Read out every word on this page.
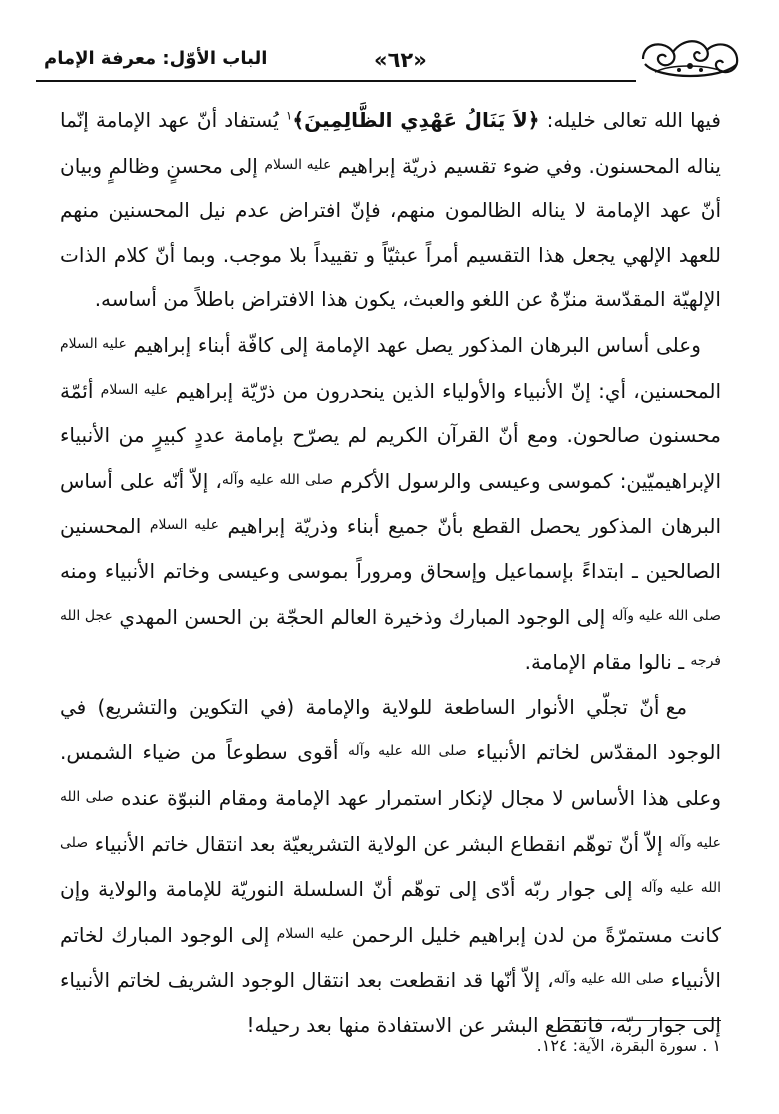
«٦٢»
الباب الأوّل: معرفة الإمام

فيها الله تعالى خليله: ﴿لاَ يَنَالُ عَهْدِي الظَّالِمِينَ﴾$^١$ يُستفاد أنّ عهد الإمامة إنّما يناله المحسنون. وفي ضوء تقسيم ذريّة إبراهيم $^{عليه السلام}$ إلى محسنٍ وظالمٍ وبيان أنّ عهد الإمامة لا يناله الظالمون منهم، فإنّ افتراض عدم نيل المحسنين منهم للعهد الإلهي يجعل هذا التقسيم أمراً عبثيّاً و تقييداً بلا موجب. وبما أنّ كلام الذات الإلهيّة المقدّسة منزّهٌ عن اللغو والعبث، يكون هذا الافتراض باطلاً من أساسه.

وعلى أساس البرهان المذكور يصل عهد الإمامة إلى كافّة أبناء إبراهيم $^{عليه السلام}$ المحسنين، أي: إنّ الأنبياء والأولياء الذين ينحدرون من ذرّيّة إبراهيم $^{عليه السلام}$ أئمّة محسنون صالحون. ومع أنّ القرآن الكريم لم يصرّح بإمامة عددٍ كبيرٍ من الأنبياء الإبراهيميّين: كموسى وعيسى والرسول الأكرم $^{صلى الله عليه وآله}$، إلاّ أنّه على أساس البرهان المذكور يحصل القطع بأنّ جميع أبناء وذريّة إبراهيم $^{عليه السلام}$ المحسنين الصالحين ـ ابتداءً بإسماعيل وإسحاق ومروراً بموسى وعيسى وخاتم الأنبياء ومنه $^{صلى الله عليه وآله}$ إلى الوجود المبارك وذخيرة العالم الحجّة بن الحسن المهدي $^{عجل الله فرجه}$ ـ نالوا مقام الإمامة.

مع أنّ تجلّي الأنوار الساطعة للولاية والإمامة (في التكوين والتشريع) في الوجود المقدّس لخاتم الأنبياء $^{صلى الله عليه وآله}$ أقوى سطوعاً من ضياء الشمس. وعلى هذا الأساس لا مجال لإنكار استمرار عهد الإمامة ومقام النبوّة عنده $^{صلى الله عليه وآله}$ إلاّ أنّ توهّم انقطاع البشر عن الولاية التشريعيّة بعد انتقال خاتم الأنبياء $^{صلى الله عليه وآله}$ إلى جوار ربّه أدّى إلى توهّم أنّ السلسلة النوريّة للإمامة والولاية وإن كانت مستمرّةً من لدن إبراهيم خليل الرحمن $^{عليه السلام}$ إلى الوجود المبارك لخاتم الأنبياء $^{صلى الله عليه وآله}$، إلاّ أنّها قد انقطعت بعد انتقال الوجود الشريف لخاتم الأنبياء إلى جوار ربّه، فانقطع البشر عن الاستفادة منها بعد رحيله!

١ . سورة البقرة، الآية: ١٢٤.
